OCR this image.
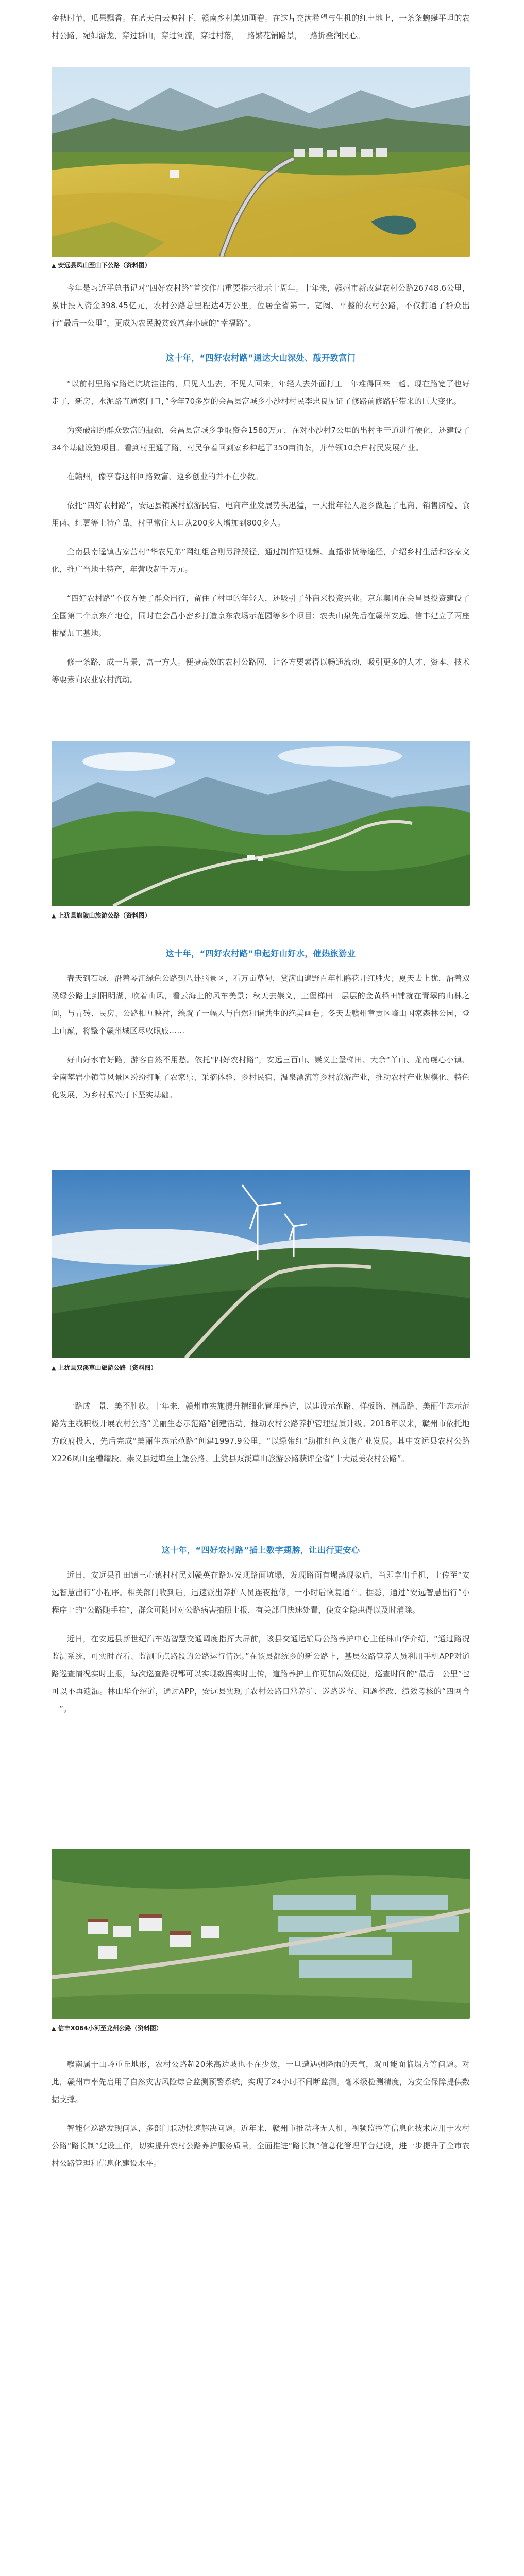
金秋时节，瓜果飘香。在蓝天白云映衬下，赣南乡村美如画卷。在这片充满希望与生机的红土地上，一条条蜿蜒平坦的农村公路，宛如游龙，穿过群山，穿过河流，穿过村落，一路繁花铺路景，一路折叠润民心。

▲ 安远县凤山至山下公路（资料图）

今年是习近平总书记对“四好农村路”首次作出重要指示批示十周年。十年来，赣州市新改建农村公路26748.6公里，累计投入资金398.45亿元，农村公路总里程达4万公里，位居全省第一。宽阔、平整的农村公路，不仅打通了群众出行“最后一公里”，更成为农民脱贫致富奔小康的“幸福路”。

这十年，“四好农村路”通达大山深处、敲开致富门

“以前村里路窄路烂坑坑洼洼的，只见人出去，不见人回来，年轻人去外面打工一年难得回来一趟。现在路宽了也好走了，新房、水泥路直通家门口，”今年70多岁的会昌县富城乡小沙村村民李忠良见证了修路前修路后带来的巨大变化。

为突破制约群众致富的瓶颈，会昌县富城乡争取资金1580万元，在对小沙村7公里的出村主干道进行硬化，还建设了34个基础设施项目。看到村里通了路，村民争着回到家乡种起了350亩油茶，并带领10余户村民发展产业。

在赣州，像李春这样回路致富、返乡创业的并不在少数。

依托“四好农村路”，安远县镇溪村旅游民宿、电商产业发展势头迅猛，一大批年轻人返乡做起了电商、销售脐橙、食用菌、红薯等土特产品，村里常住人口从200多人增加到800多人。

全南县南迳镇古家营村“华农兄弟”网红组合则另辟蹊径，通过制作短视频、直播带货等途径，介绍乡村生活和客家文化，推广当地土特产，年营收超千万元。

“四好农村路”不仅方便了群众出行，留住了村里的年轻人，还吸引了外商来投资兴业。京东集团在会昌县投资建设了全国第二个京东产地仓，同时在会昌小密乡打造京东农场示范园等多个项目；农夫山泉先后在赣州安远、信丰建立了两座柑橘加工基地。

修一条路，成一片景，富一方人。便捷高效的农村公路网，让各方要素得以畅通流动，吸引更多的人才、资本、技术等要素向农业农村流动。

▲ 上犹县旗陂山旅游公路（资料图）
这十年，“四好农村路”串起好山好水，催热旅游业

春天到石城，沿着琴江绿色公路到八卦脑景区，看万亩草甸，赏满山遍野百年杜鹃花开红胜火；夏天去上犹，沿着双溪绿公路上到阳明湖，吹着山风，看云海上的风车美景；秋天去崇义，上堡梯田一层层的金黄稻田铺就在青翠的山林之间，与青砖、民房、公路相互映衬，绘就了一幅人与自然和谐共生的绝美画卷；冬天去赣州章贡区峰山国家森林公园，登上山巅，将整个赣州城区尽收眼底……

好山好水有好路，游客自然不用愁。依托“四好农村路”，安远三百山、崇义上堡梯田、大余“丫山、龙南虔心小镇、全南攀岩小镇等风景区纷纷打响了农家乐、采摘体验、乡村民宿、温泉漂流等乡村旅游产业，推动农村产业规模化、特色化发展，为乡村振兴打下坚实基础。

▲ 上犹县双溪草山旅游公路（资料图）

一路成一景，美不胜收。十年来，赣州市实施提升精细化管理养护，以建设示范路、样板路、精品路、美丽生态示范路为主线积极开展农村公路“美丽生态示范路”创建活动，推动农村公路养护管理提质升级。2018年以来，赣州市依托地方政府投入，先后完成“美丽生态示范路”创建1997.9公里，“以绿带红”助推红色文旅产业发展。其中安远县农村公路X226凤山至槽耀段、崇义县过埠至上堡公路、上犹县双溪草山旅游公路获评全省“十大最美农村公路”。

这十年，“四好农村路”插上数字翅膀，让出行更安心

近日，安远县孔田镇三心镇村村民刘赣英在路边发现路面坑塌，发现路面有塌落现象后，当即拿出手机，上传至“安远智慧出行”小程序。相关部门收到后，迅速派出养护人员连夜抢修，一小时后恢复通车。据悉，通过“安远智慧出行”小程序上的“公路随手拍”，群众可随时对公路病害拍照上报，有关部门快速处置，使安全隐患得以及时消除。

近日，在安远县新世纪汽车站智慧交通调度指挥大屏前，该县交通运输局公路养护中心主任林山华介绍，“通过路况监测系统，可实时查看、监测重点路段的公路运行情况。”在该县都统乡的新公路上，基层公路管养人员利用手机APP对道路巡查情况实时上报，每次巡查路况都可以实现数据实时上传，道路养护工作更加高效便捷，巡查时间的“最后一公里”也可以不再遗漏。林山华介绍道，通过APP，安远县实现了农村公路日常养护、巡路巡查、问题整改、绩效考核的“四网合一”。

▲ 信丰X064小河至龙州公路（资料图）

赣南属于山岭重丘地形，农村公路超20米高边坡也不在少数，一旦遭遇强降雨的天气，就可能面临塌方等问题。对此，赣州市率先启用了自然灾害风险综合监测预警系统，实现了24小时不间断监测。毫米级检测精度，为安全保障提供数据支撑。

智能化巡路发现问题，多部门联动快速解决问题。近年来，赣州市推动将无人机、视频监控等信息化技术应用于农村公路“路长制”建设工作，切实提升农村公路养护服务质量，全面推进“路长制”信息化管理平台建设，进一步提升了全市农村公路管理和信息化建设水平。
